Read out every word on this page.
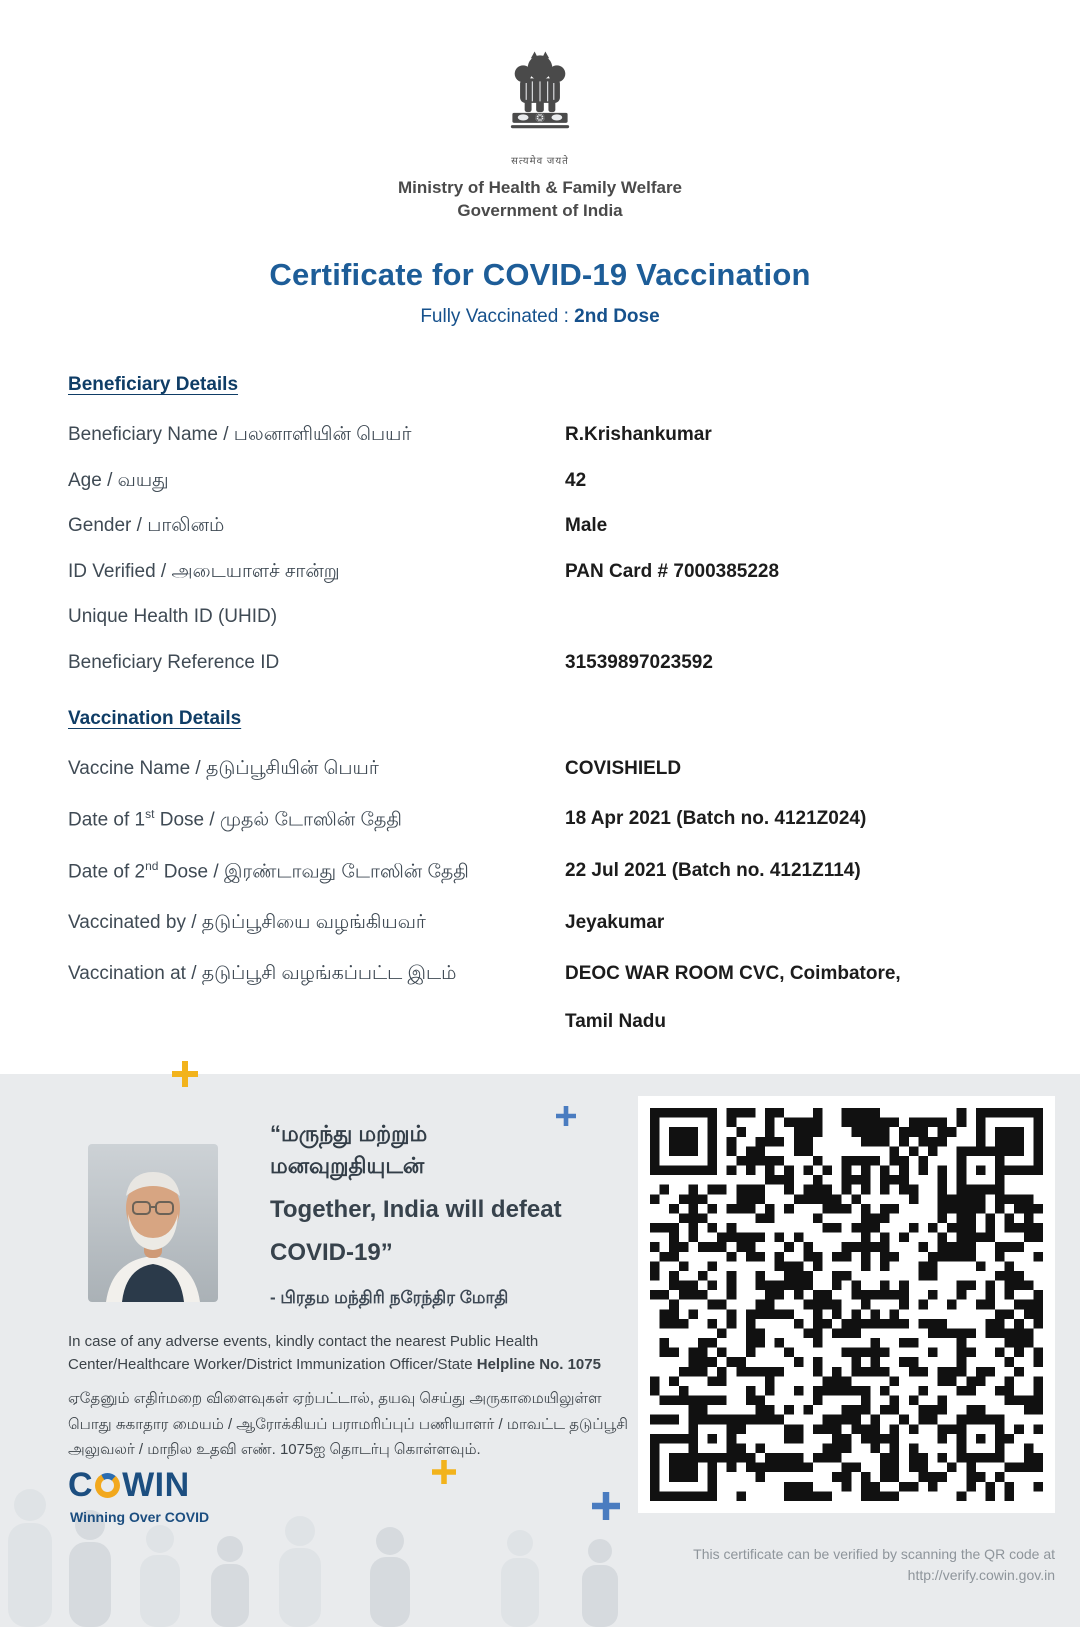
सत्यमेव जयते
Ministry of Health & Family Welfare
Government of India
Certificate for COVID-19 Vaccination
Fully Vaccinated : 2nd Dose
Beneficiary Details
Beneficiary Name / பலனாளியின் பெயர்	R.Krishankumar
Age / வயது	42
Gender / பாலினம்	Male
ID Verified / அடையாளச் சான்று	PAN Card # 7000385228
Unique Health ID (UHID)
Beneficiary Reference ID	31539897023592
Vaccination Details
Vaccine Name / தடுப்பூசியின் பெயர்	COVISHIELD
Date of 1st Dose / முதல் டோஸின் தேதி	18 Apr 2021 (Batch no. 4121Z024)
Date of 2nd Dose / இரண்டாவது டோஸின் தேதி	22 Jul 2021 (Batch no. 4121Z114)
Vaccinated by / தடுப்பூசியை வழங்கியவர்	Jeyakumar
Vaccination at / தடுப்பூசி வழங்கப்பட்ட இடம்	DEOC WAR ROOM CVC, Coimbatore,
Tamil Nadu
“மருந்து மற்றும்
மனவுறுதியுடன்
Together, India will defeat
COVID-19”
- பிரதம மந்திரி நரேந்திர மோதி
In case of any adverse events, kindly contact the nearest Public Health Center/Healthcare Worker/District Immunization Officer/State Helpline No. 1075
ஏதேனும் எதிர்மறை விளைவுகள் ஏற்பட்டால், தயவு செய்து அருகாமையிலுள்ள பொது சுகாதார மையம் / ஆரோக்கியப் பராமரிப்புப் பணியாளர் / மாவட்ட தடுப்பூசி அலுவலர் / மாநில உதவி எண். 1075ஐ தொடர்பு கொள்ளவும்.
C WIN
Winning Over COVID
This certificate can be verified by scanning the QR code at
http://verify.cowin.gov.in
